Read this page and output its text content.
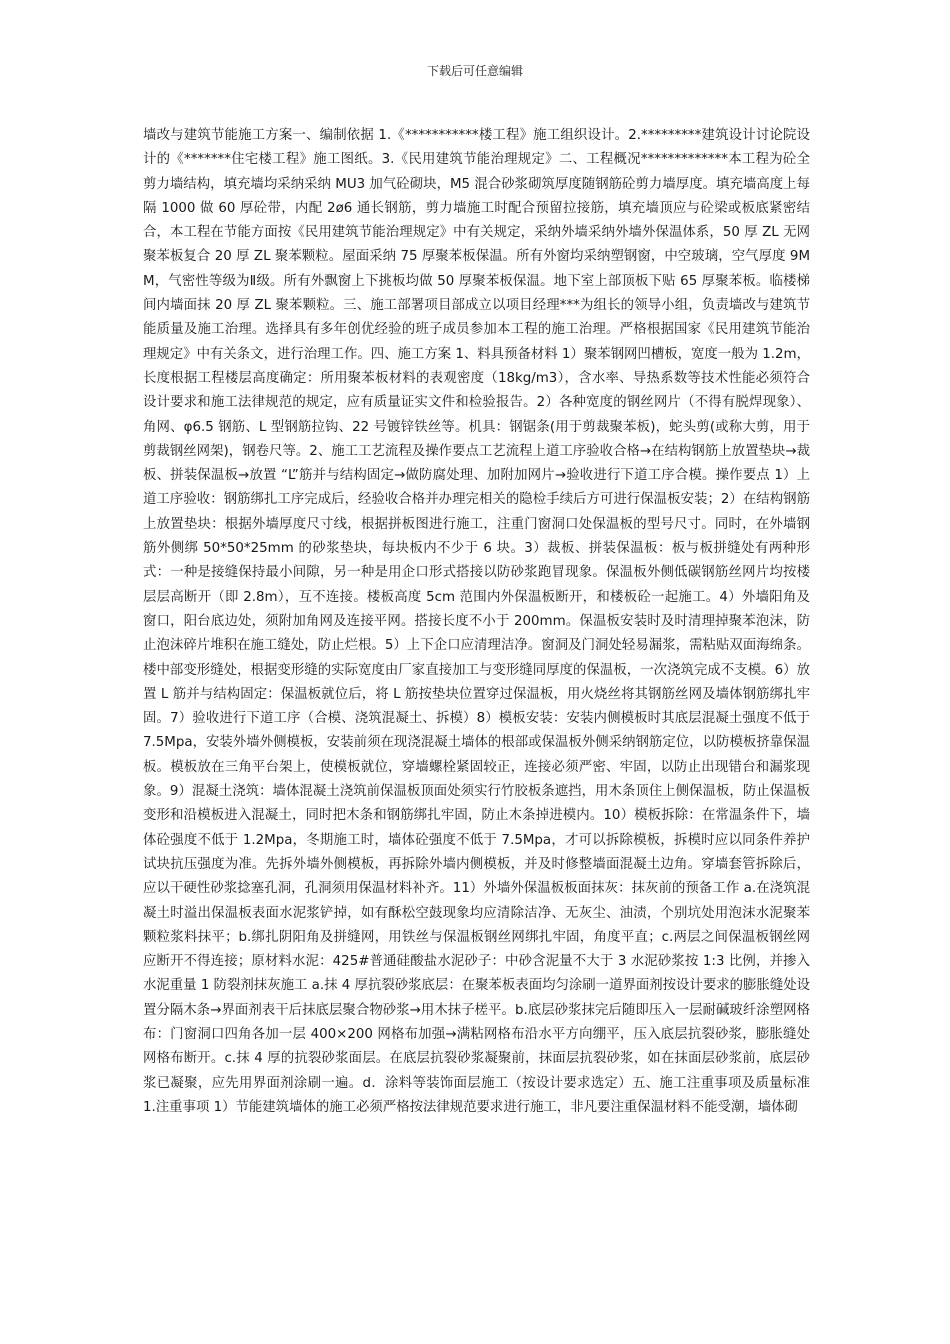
下载后可任意编辑

墙改与建筑节能施工方案一、编制依据 1.《***********楼工程》施工组织设计。2.*********建筑设计讨论院设计的《*******住宅楼工程》施工图纸。3.《民用建筑节能治理规定》二、工程概况*************本工程为砼全剪力墙结构，填充墙均采纳采纳 MU3 加气砼砌块，M5 混合砂浆砌筑厚度随钢筋砼剪力墙厚度。填充墙高度上每隔 1000 做 60 厚砼带，内配 2ø6 通长钢筋，剪力墙施工时配合预留拉接筋，填充墙顶应与砼梁或板底紧密结合，本工程在节能方面按《民用建筑节能治理规定》中有关规定，采纳外墙采纳外墙外保温体系，50 厚 ZL 无网聚苯板复合 20 厚 ZL 聚苯颗粒。屋面采纳 75 厚聚苯板保温。所有外窗均采纳塑钢窗，中空玻璃，空气厚度 9MM，气密性等级为Ⅱ级。所有外飘窗上下挑板均做 50 厚聚苯板保温。地下室上部顶板下贴 65 厚聚苯板。临楼梯间内墙面抹 20 厚 ZL 聚苯颗粒。三、施工部署项目部成立以项目经理***为组长的领导小组，负责墙改与建筑节能质量及施工治理。选择具有多年创优经验的班子成员参加本工程的施工治理。严格根据国家《民用建筑节能治理规定》中有关条文，进行治理工作。四、施工方案 1、料具预备材料 1）聚苯钢网凹槽板，宽度一般为 1.2m，长度根据工程楼层高度确定：所用聚苯板材料的表观密度（18kg/m3），含水率、导热系数等技术性能必须符合设计要求和施工法律规范的规定，应有质量证实文件和检验报告。2）各种宽度的钢丝网片（不得有脱焊现象）、角网、φ6.5 钢筋、L 型钢筋拉钩、22 号镀锌铁丝等。机具：钢锯条(用于剪裁聚苯板)，蛇头剪(或称大剪，用于剪裁钢丝网架)，钢卷尺等。2、施工工艺流程及操作要点工艺流程上道工序验收合格→在结构钢筋上放置垫块→裁板、拼装保温板→放置 “L”筋并与结构固定→做防腐处理、加附加网片→验收进行下道工序合模。操作要点 1）上道工序验收：钢筋绑扎工序完成后，经验收合格并办理完相关的隐检手续后方可进行保温板安装；2）在结构钢筋上放置垫块：根据外墙厚度尺寸线，根据拼板图进行施工，注重门窗洞口处保温板的型号尺寸。同时，在外墙钢筋外侧绑 50*50*25mm 的砂浆垫块，每块板内不少于 6 块。3）裁板、拼装保温板：板与板拼缝处有两种形式：一种是接缝保持最小间隙，另一种是用企口形式搭接以防砂浆跑冒现象。保温板外侧低碳钢筋丝网片均按楼层层高断开（即 2.8m），互不连接。楼板高度 5cm 范围内外保温板断开，和楼板砼一起施工。4）外墙阳角及窗口，阳台底边处，须附加角网及连接平网。搭接长度不小于 200mm。保温板安装时及时清理掉聚苯泡沫，防止泡沫碎片堆积在施工缝处，防止烂根。5）上下企口应清理洁净。窗洞及门洞处轻易漏浆，需粘贴双面海绵条。楼中部变形缝处，根据变形缝的实际宽度由厂家直接加工与变形缝同厚度的保温板，一次浇筑完成不支模。6）放置 L 筋并与结构固定：保温板就位后，将 L 筋按垫块位置穿过保温板，用火烧丝将其钢筋丝网及墙体钢筋绑扎牢固。7）验收进行下道工序（合模、浇筑混凝土、拆模）8）模板安装：安装内侧模板时其底层混凝土强度不低于 7.5Mpa，安装外墙外侧模板，安装前须在现浇混凝土墙体的根部或保温板外侧采纳钢筋定位，以防模板挤靠保温板。模板放在三角平台架上，使模板就位，穿墙螺栓紧固较正，连接必须严密、牢固，以防止出现错台和漏浆现象。9）混凝土浇筑：墙体混凝土浇筑前保温板顶面处须实行竹胶板条遮挡，用木条顶住上侧保温板，防止保温板变形和沿模板进入混凝土，同时把木条和钢筋绑扎牢固，防止木条掉进模内。10）模板拆除：在常温条件下，墙体砼强度不低于 1.2Mpa，冬期施工时，墙体砼强度不低于 7.5Mpa，才可以拆除模板，拆模时应以同条件养护试块抗压强度为准。先拆外墙外侧模板，再拆除外墙内侧模板，并及时修整墙面混凝土边角。穿墙套管拆除后，应以干硬性砂浆捻塞孔洞，孔洞须用保温材料补齐。11）外墙外保温板板面抹灰：抹灰前的预备工作 a.在浇筑混凝土时溢出保温板表面水泥浆铲掉，如有酥松空鼓现象均应清除洁净、无灰尘、油渍，个别坑处用泡沫水泥聚苯颗粒浆料抹平；b.绑扎阴阳角及拼缝网，用铁丝与保温板钢丝网绑扎牢固，角度平直；c.两层之间保温板钢丝网应断开不得连接；原材料水泥：425#普通硅酸盐水泥砂子：中砂含泥量不大于 3 水泥砂浆按 1:3 比例，并掺入水泥重量 1 防裂剂抹灰施工 a.抹 4 厚抗裂砂浆底层：在聚苯板表面均匀涂刷一道界面剂按设计要求的膨胀缝处设置分隔木条→界面剂表干后抹底层聚合物砂浆→用木抹子槎平。b.底层砂浆抹完后随即压入一层耐碱玻纤涂塑网格布：门窗洞口四角各加一层 400×200 网格布加强→满粘网格布沿水平方向绷平，压入底层抗裂砂浆，膨胀缝处网格布断开。c.抹 4 厚的抗裂砂浆面层。在底层抗裂砂浆凝聚前，抹面层抗裂砂浆，如在抹面层砂浆前，底层砂浆已凝聚，应先用界面剂涂刷一遍。d．涂料等装饰面层施工（按设计要求选定）五、施工注重事项及质量标准 1.注重事项 1）节能建筑墙体的施工必须严格按法律规范要求进行施工，非凡要注重保温材料不能受潮，墙体砌
